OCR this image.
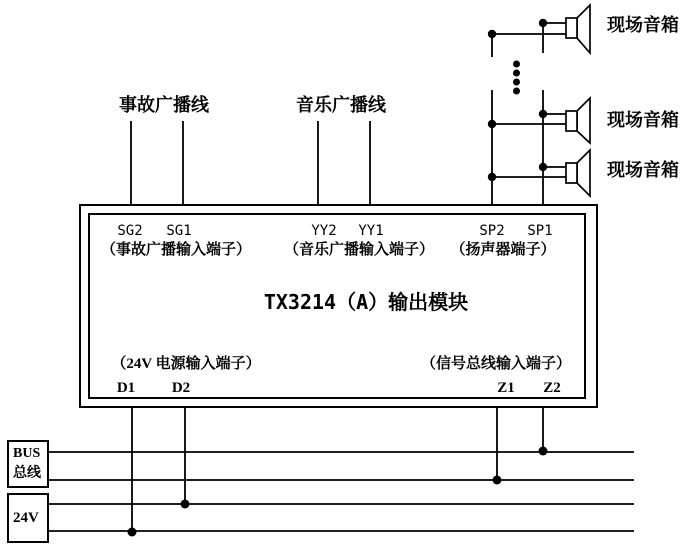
事故广播线	音乐广播线
现场音箱
现场音箱
现场音箱
SG2 SG1	YY2 YY1	SP2 SP1
（事故广播输入端子） （音乐广播输入端子） （扬声器端子）
TX3214（A）输出模块
（24V 电源输入端子）	（信号总线输入端子）
D1 D2	Z1 Z2
BUS
总线
24V
